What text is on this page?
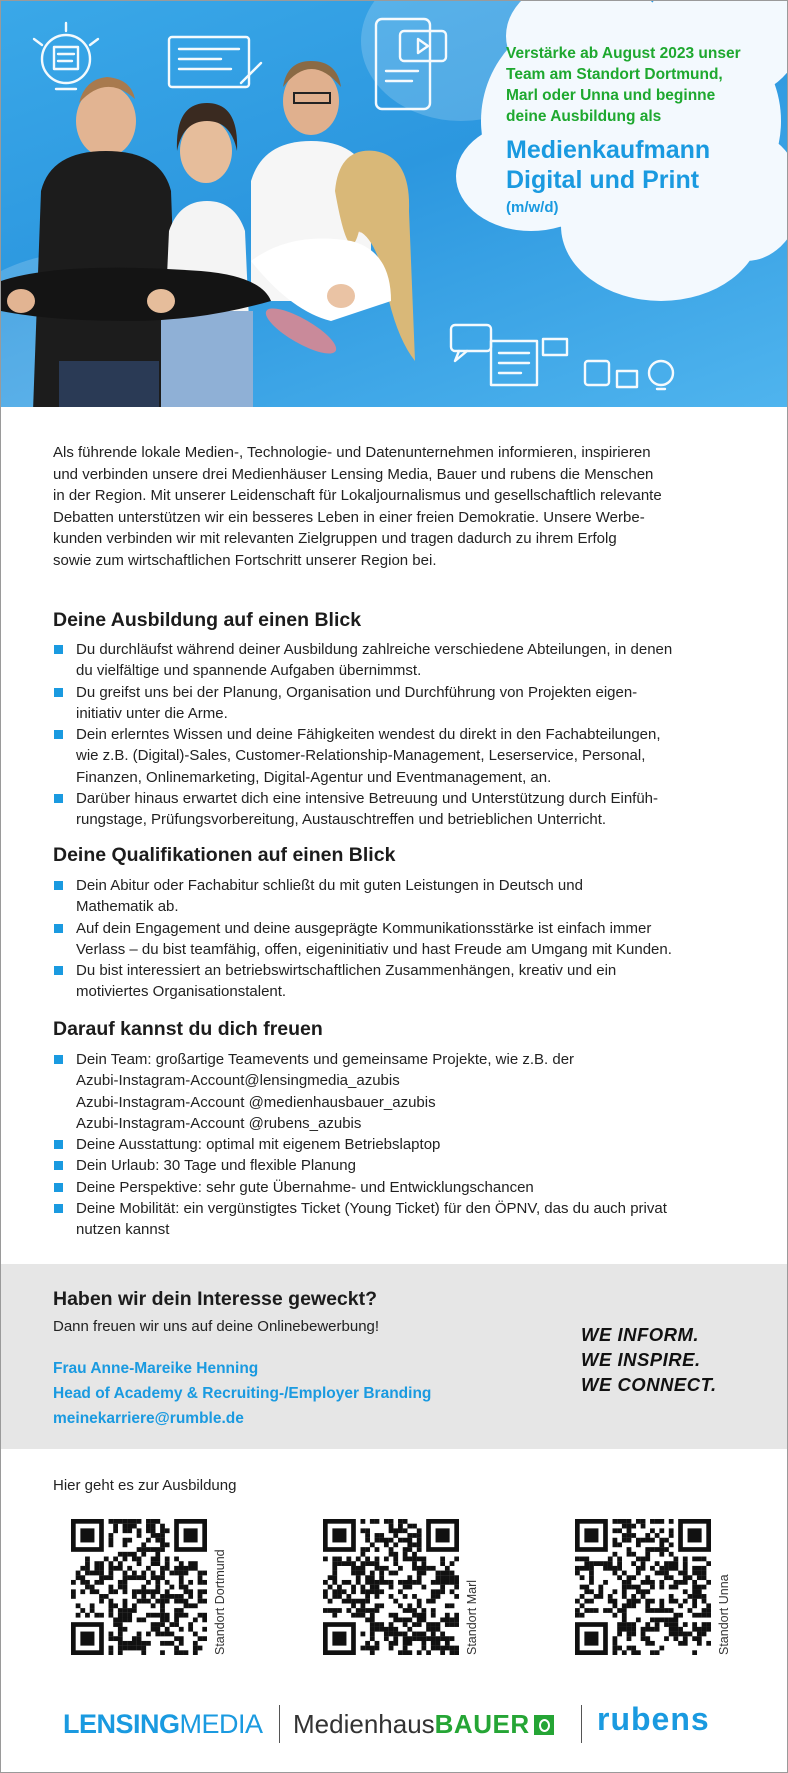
Verstärke ab August 2023 unser
Team am Standort Dortmund,
Marl oder Unna und beginne
deine Ausbildung als
Medienkaufmann
Digital und Print
(m/w/d)
Als führende lokale Medien-, Technologie- und Datenunternehmen informieren, inspirieren
und verbinden unsere drei Medienhäuser Lensing Media, Bauer und rubens die Menschen
in der Region. Mit unserer Leidenschaft für Lokaljournalismus und gesellschaftlich relevante
Debatten unterstützen wir ein besseres Leben in einer freien Demokratie. Unsere Werbe-
kunden verbinden wir mit relevanten Zielgruppen und tragen dadurch zu ihrem Erfolg
sowie zum wirtschaftlichen Fortschritt unserer Region bei.
Deine Ausbildung auf einen Blick
Du durchläufst während deiner Ausbildung zahlreiche verschiedene Abteilungen, in denen
du vielfältige und spannende Aufgaben übernimmst.
Du greifst uns bei der Planung, Organisation und Durchführung von Projekten eigen-
initiativ unter die Arme.
Dein erlerntes Wissen und deine Fähigkeiten wendest du direkt in den Fachabteilungen,
wie z.B. (Digital)-Sales, Customer-Relationship-Management, Leserservice, Personal,
Finanzen, Onlinemarketing, Digital-Agentur und Eventmanagement, an.
Darüber hinaus erwartet dich eine intensive Betreuung und Unterstützung durch Einfüh-
rungstage, Prüfungsvorbereitung, Austauschtreffen und betrieblichen Unterricht.
Deine Qualifikationen auf einen Blick
Dein Abitur oder Fachabitur schließt du mit guten Leistungen in Deutsch und
Mathematik ab.
Auf dein Engagement und deine ausgeprägte Kommunikationsstärke ist einfach immer
Verlass – du bist teamfähig, offen, eigeninitiativ und hast Freude am Umgang mit Kunden.
Du bist interessiert an betriebswirtschaftlichen Zusammenhängen, kreativ und ein
motiviertes Organisationstalent.
Darauf kannst du dich freuen
Dein Team: großartige Teamevents und gemeinsame Projekte, wie z.B. der
Azubi-Instagram-Account@lensingmedia_azubis
Azubi-Instagram-Account @medienhausbauer_azubis
Azubi-Instagram-Account @rubens_azubis
Deine Ausstattung: optimal mit eigenem Betriebslaptop
Dein Urlaub: 30 Tage und flexible Planung
Deine Perspektive: sehr gute Übernahme- und Entwicklungschancen
Deine Mobilität: ein vergünstigtes Ticket (Young Ticket) für den ÖPNV, das du auch privat
nutzen kannst
Haben wir dein Interesse geweckt?
Dann freuen wir uns auf deine Onlinebewerbung!
Frau Anne-Mareike Henning
Head of Academy & Recruiting-/Employer Branding
meinekarriere@rumble.de
WE INFORM.
WE INSPIRE.
WE CONNECT.
Hier geht es zur Ausbildung
Standort Dortmund	Standort Marl	Standort Unna
LENSINGMEDIA MedienhausBAUER	rubens
